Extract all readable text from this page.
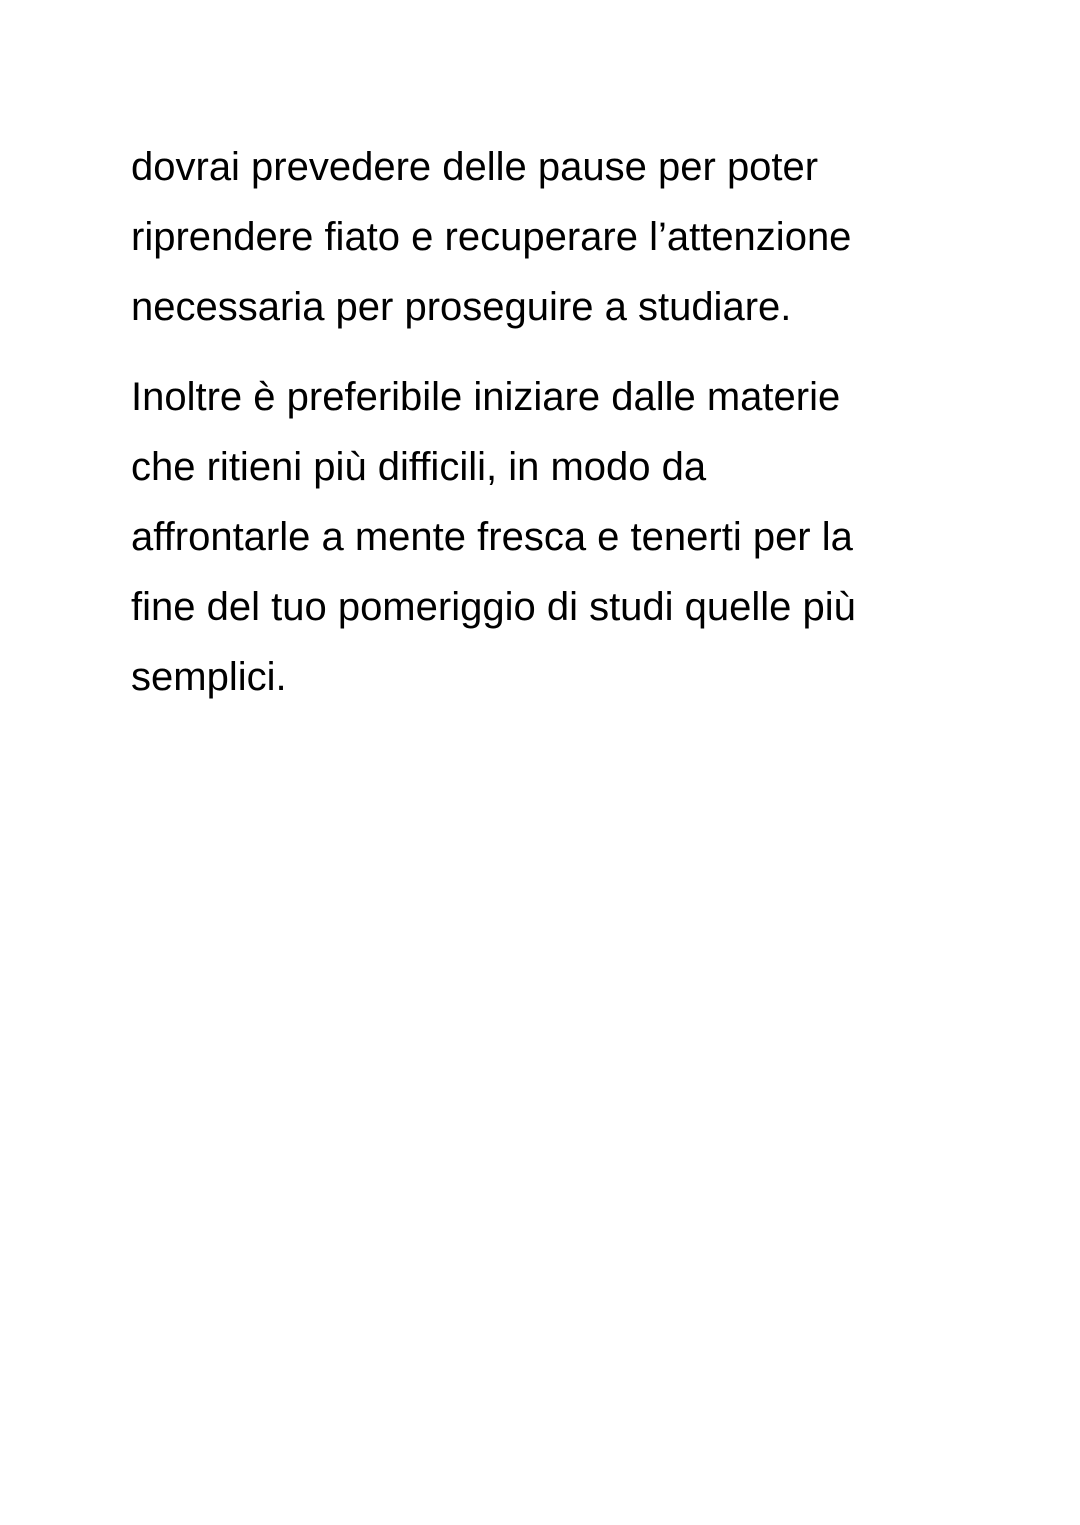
dovrai prevedere delle pause per poter
riprendere fiato e recuperare l’attenzione
necessaria per proseguire a studiare.

Inoltre è preferibile iniziare dalle materie
che ritieni più difficili, in modo da
affrontarle a mente fresca e tenerti per la
fine del tuo pomeriggio di studi quelle più
semplici.
